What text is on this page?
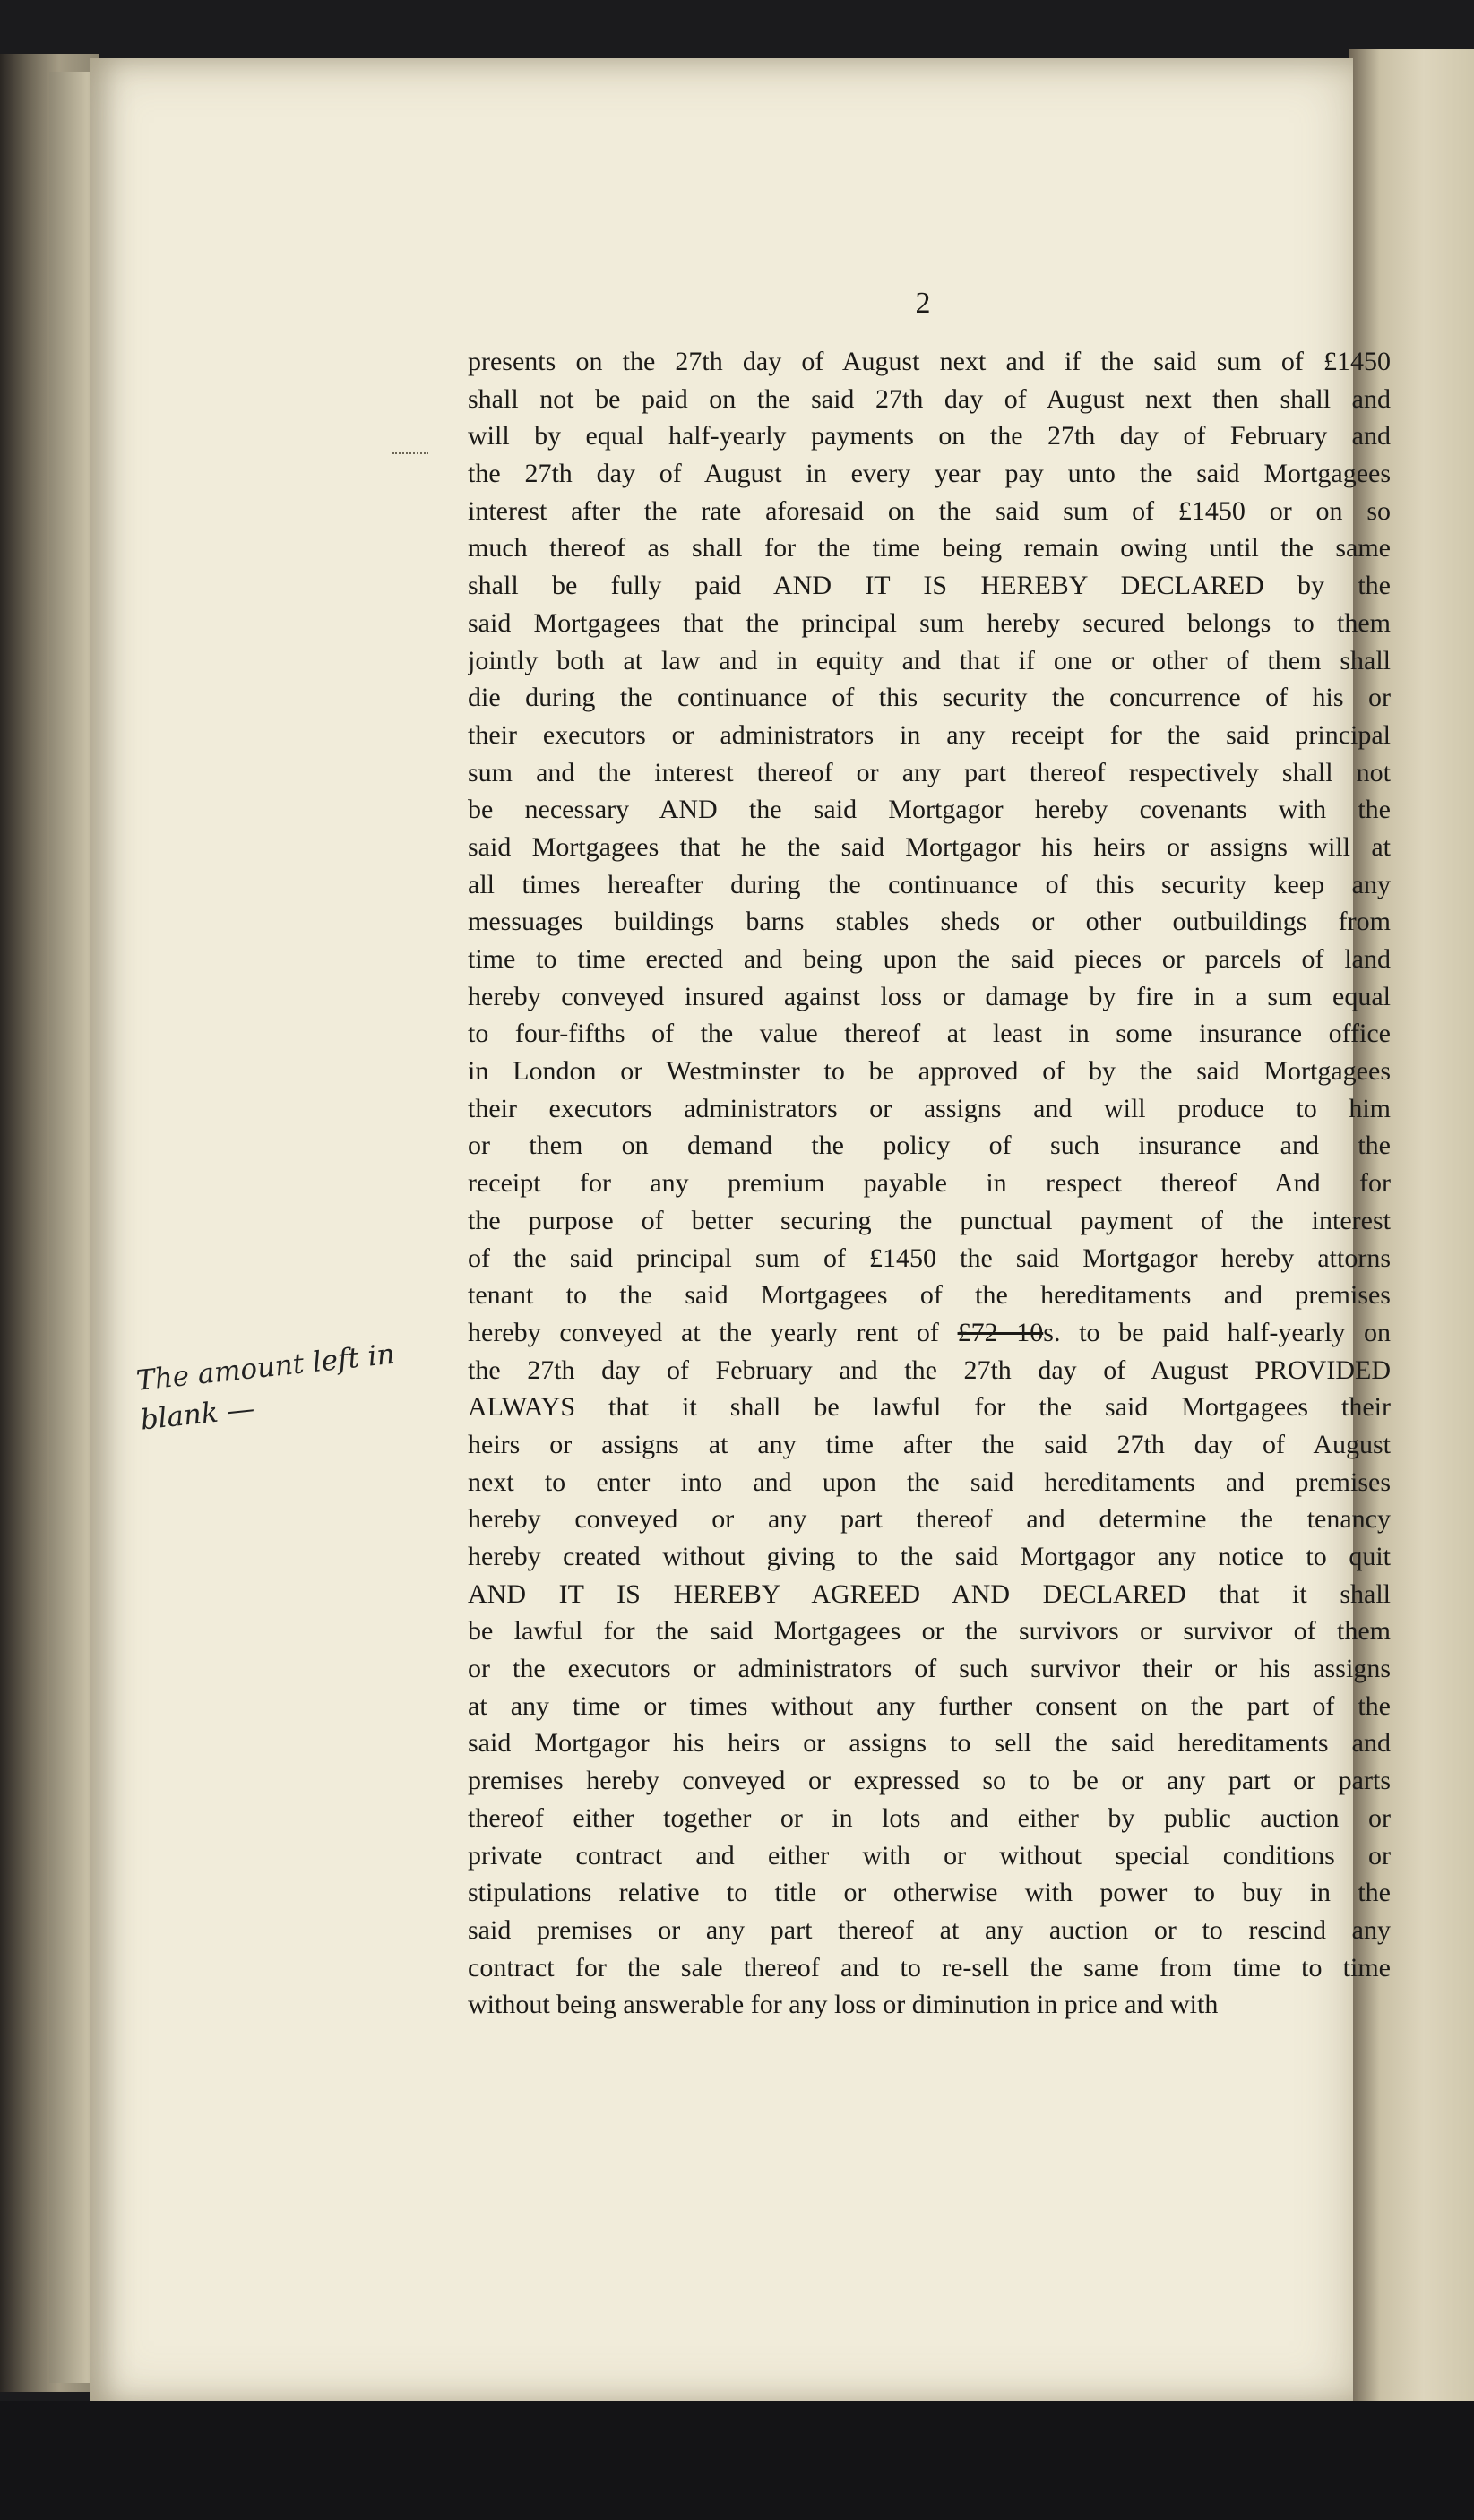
2
presents on the 27th day of August next and if the said sum of £1450
shall not be paid on the said 27th day of August next then shall and
will by equal half-yearly payments on the 27th day of February and
the 27th day of August in every year pay unto the said Mortgagees
interest after the rate aforesaid on the said sum of £1450 or on so
much thereof as shall for the time being remain owing until the same
shall be fully paid AND IT IS HEREBY DECLARED by the
said Mortgagees that the principal sum hereby secured belongs to them
jointly both at law and in equity and that if one or other of them shall
die during the continuance of this security the concurrence of his or
their executors or administrators in any receipt for the said principal
sum and the interest thereof or any part thereof respectively shall not
be necessary AND the said Mortgagor hereby covenants with the
said Mortgagees that he the said Mortgagor his heirs or assigns will at
all times hereafter during the continuance of this security keep any
messuages buildings barns stables sheds or other outbuildings from
time to time erected and being upon the said pieces or parcels of land
hereby conveyed insured against loss or damage by fire in a sum equal
to four-fifths of the value thereof at least in some insurance office
in London or Westminster to be approved of by the said Mortgagees
their executors administrators or assigns and will produce to him
or them on demand the policy of such insurance and the
receipt for any premium payable in respect thereof And for
the purpose of better securing the punctual payment of the interest
of the said principal sum of £1450 the said Mortgagor hereby attorns
tenant to the said Mortgagees of the hereditaments and premises
hereby conveyed at the yearly rent of £72 10s. to be paid half-yearly on
the 27th day of February and the 27th day of August PROVIDED
ALWAYS that it shall be lawful for the said Mortgagees their
heirs or assigns at any time after the said 27th day of August
next to enter into and upon the said hereditaments and premises
hereby conveyed or any part thereof and determine the tenancy
hereby created without giving to the said Mortgagor any notice to quit
AND IT IS HEREBY AGREED AND DECLARED that it shall
be lawful for the said Mortgagees or the survivors or survivor of them
or the executors or administrators of such survivor their or his assigns
at any time or times without any further consent on the part of the
said Mortgagor his heirs or assigns to sell the said hereditaments and
premises hereby conveyed or expressed so to be or any part or parts
thereof either together or in lots and either by public auction or
private contract and either with or without special conditions or
stipulations relative to title or otherwise with power to buy in the
said premises or any part thereof at any auction or to rescind any
contract for the sale thereof and to re-sell the same from time to time
without being answerable for any loss or diminution in price and with
The amount left in
blank —
